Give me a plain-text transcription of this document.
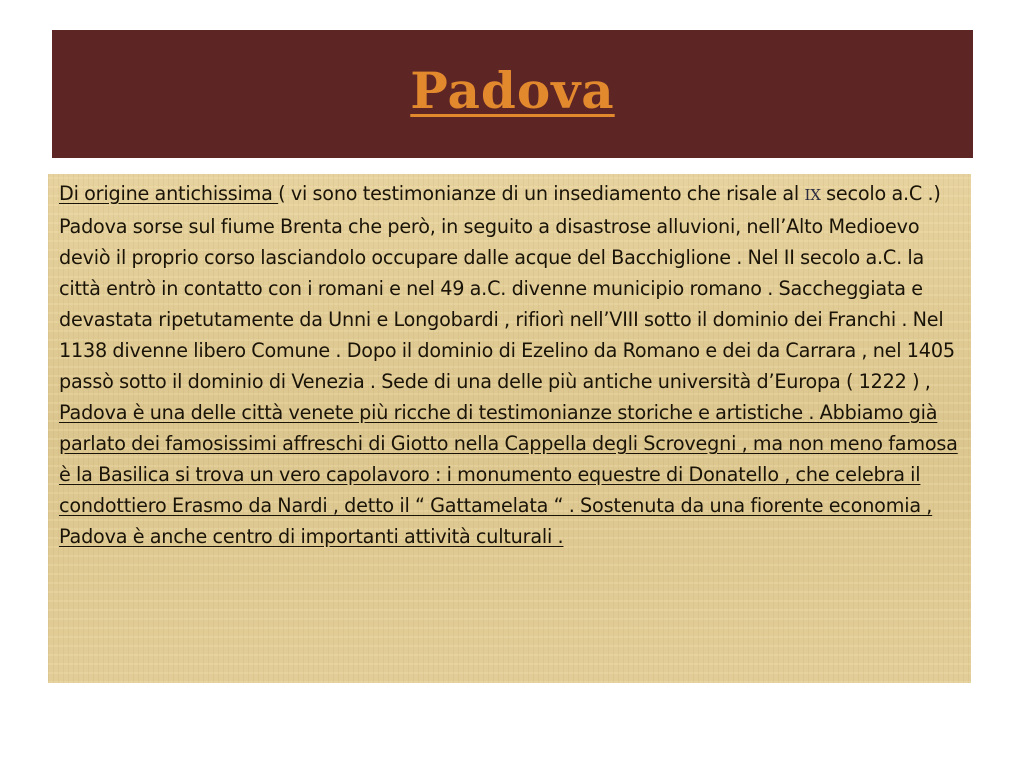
Padova

Di origine antichissima ( vi sono testimonianze di un insediamento che risale al IX secolo a.C .) Padova sorse sul fiume Brenta che però, in seguito a disastrose alluvioni, nell’Alto Medioevo deviò il proprio corso lasciandolo occupare dalle acque del Bacchiglione . Nel II secolo a.C. la città entrò in contatto con i romani e nel 49 a.C. divenne municipio romano . Saccheggiata e devastata ripetutamente da Unni e Longobardi , rifiorì nell’VIII sotto il dominio dei Franchi . Nel 1138 divenne libero Comune . Dopo il dominio di Ezelino da Romano e dei da Carrara , nel 1405 passò sotto il dominio di Venezia . Sede di una delle più antiche università d’Europa ( 1222 ) , Padova è una delle città venete più ricche di testimonianze storiche e artistiche . Abbiamo già parlato dei famosissimi affreschi di Giotto nella Cappella degli Scrovegni , ma non meno famosa è la Basilica si trova un vero capolavoro : i monumento equestre di Donatello , che celebra il condottiero Erasmo da Nardi , detto il “ Gattamelata “ . Sostenuta da una fiorente economia , Padova è anche centro di importanti attività culturali .
